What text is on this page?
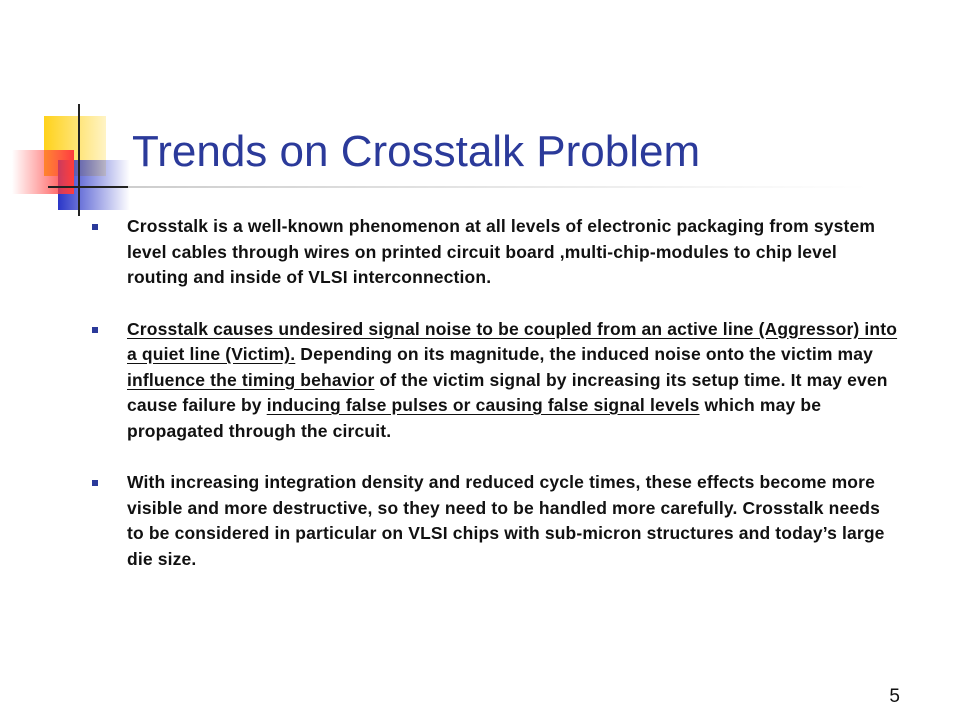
Trends on Crosstalk Problem
Crosstalk is a well-known phenomenon at all levels of electronic packaging from system level cables through wires on printed circuit board ,multi-chip-modules to chip level routing and inside of VLSI interconnection.
Crosstalk causes undesired signal noise to be coupled from an active line (Aggressor) into a quiet line (Victim). Depending on its magnitude, the induced noise onto the victim may influence the timing behavior of the victim signal by increasing its setup time. It may even cause failure by inducing false pulses or causing false signal levels which may be propagated through the circuit.
With increasing integration density and reduced cycle times, these effects become more visible and more destructive, so they need to be handled more carefully. Crosstalk needs to be considered in particular on VLSI chips with sub-micron structures and today’s large die size.
5
